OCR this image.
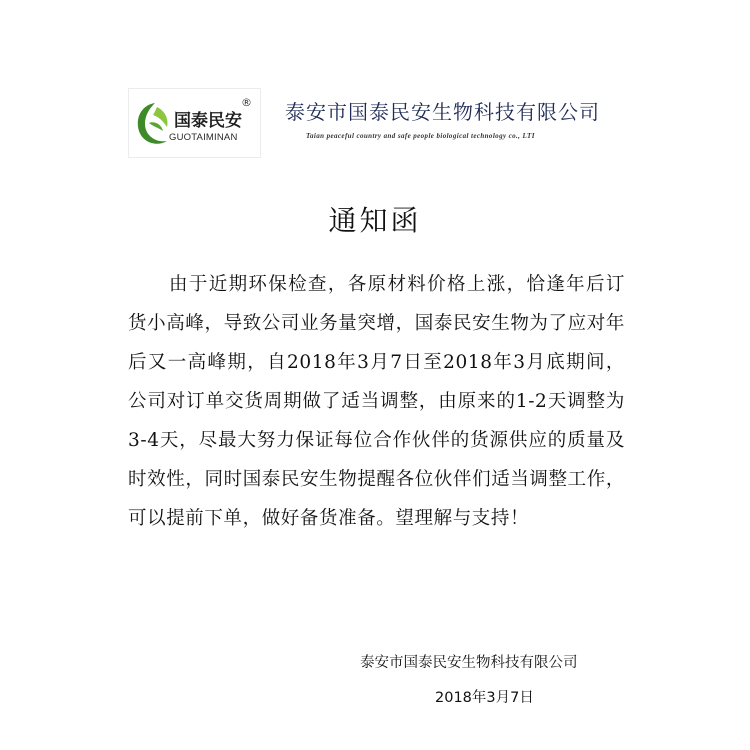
国泰民安
®
GUOTAIMINAN
泰安市国泰民安生物科技有限公司
Taian peaceful country and safe people biological technology co., LTI
通知函

由于近期环保检查，各原材料价格上涨，恰逢年后订货小高峰，导致公司业务量突增，国泰民安生物为了应对年后又一高峰期，自2018年3月7日至2018年3月底期间，公司对订单交货周期做了适当调整，由原来的1-2天调整为3-4天，尽最大努力保证每位合作伙伴的货源供应的质量及时效性，同时国泰民安生物提醒各位伙伴们适当调整工作，可以提前下单，做好备货准备。望理解与支持！

泰安市国泰民安生物科技有限公司
2018年3月7日
